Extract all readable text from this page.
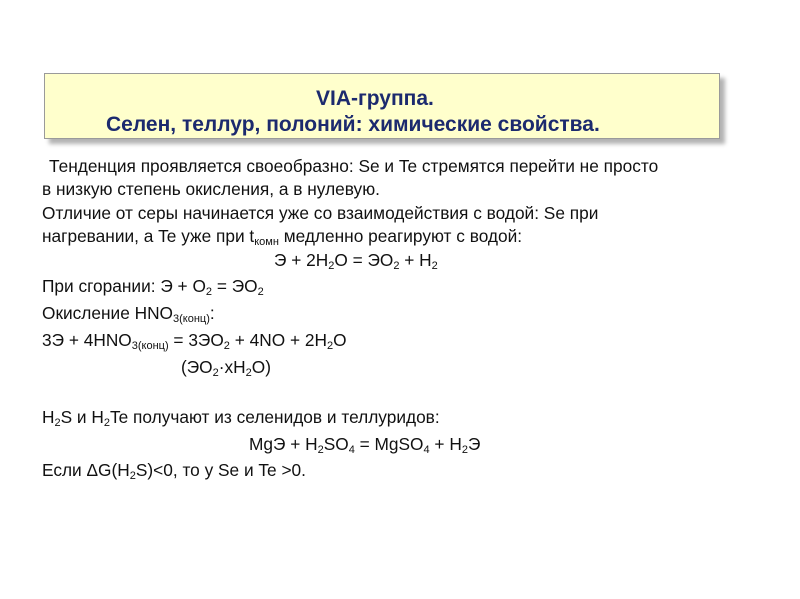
VIA-группа.
Селен, теллур, полоний: химические свойства.
Тенденция проявляется своеобразно: Se и Te стремятся перейти не просто
в низкую степень окисления, а в нулевую.
Отличие от серы начинается уже со взаимодействия с водой: Se при
нагревании, а Te уже при $t_{комн}$ медленно реагируют с водой:
$Э + 2H_2O = ЭO_2 + H_2$
При сгорании: $Э + O_2 = ЭO_2$
Окисление $HNO_{3(конц)}$:
$3Э + 4HNO_{3(конц)} = 3ЭO_2 + 4NO + 2H_2O$
$(ЭO_2\cdot xH_2O)$
$H_2S$ и $H_2Te$ получают из селенидов и теллуридов:
MgЭ + $H_2SO_4$ = MgSO$_4$ + $H_2Э$
Если $\Delta G(H_2S)<0$, то у Se и Te >0.
